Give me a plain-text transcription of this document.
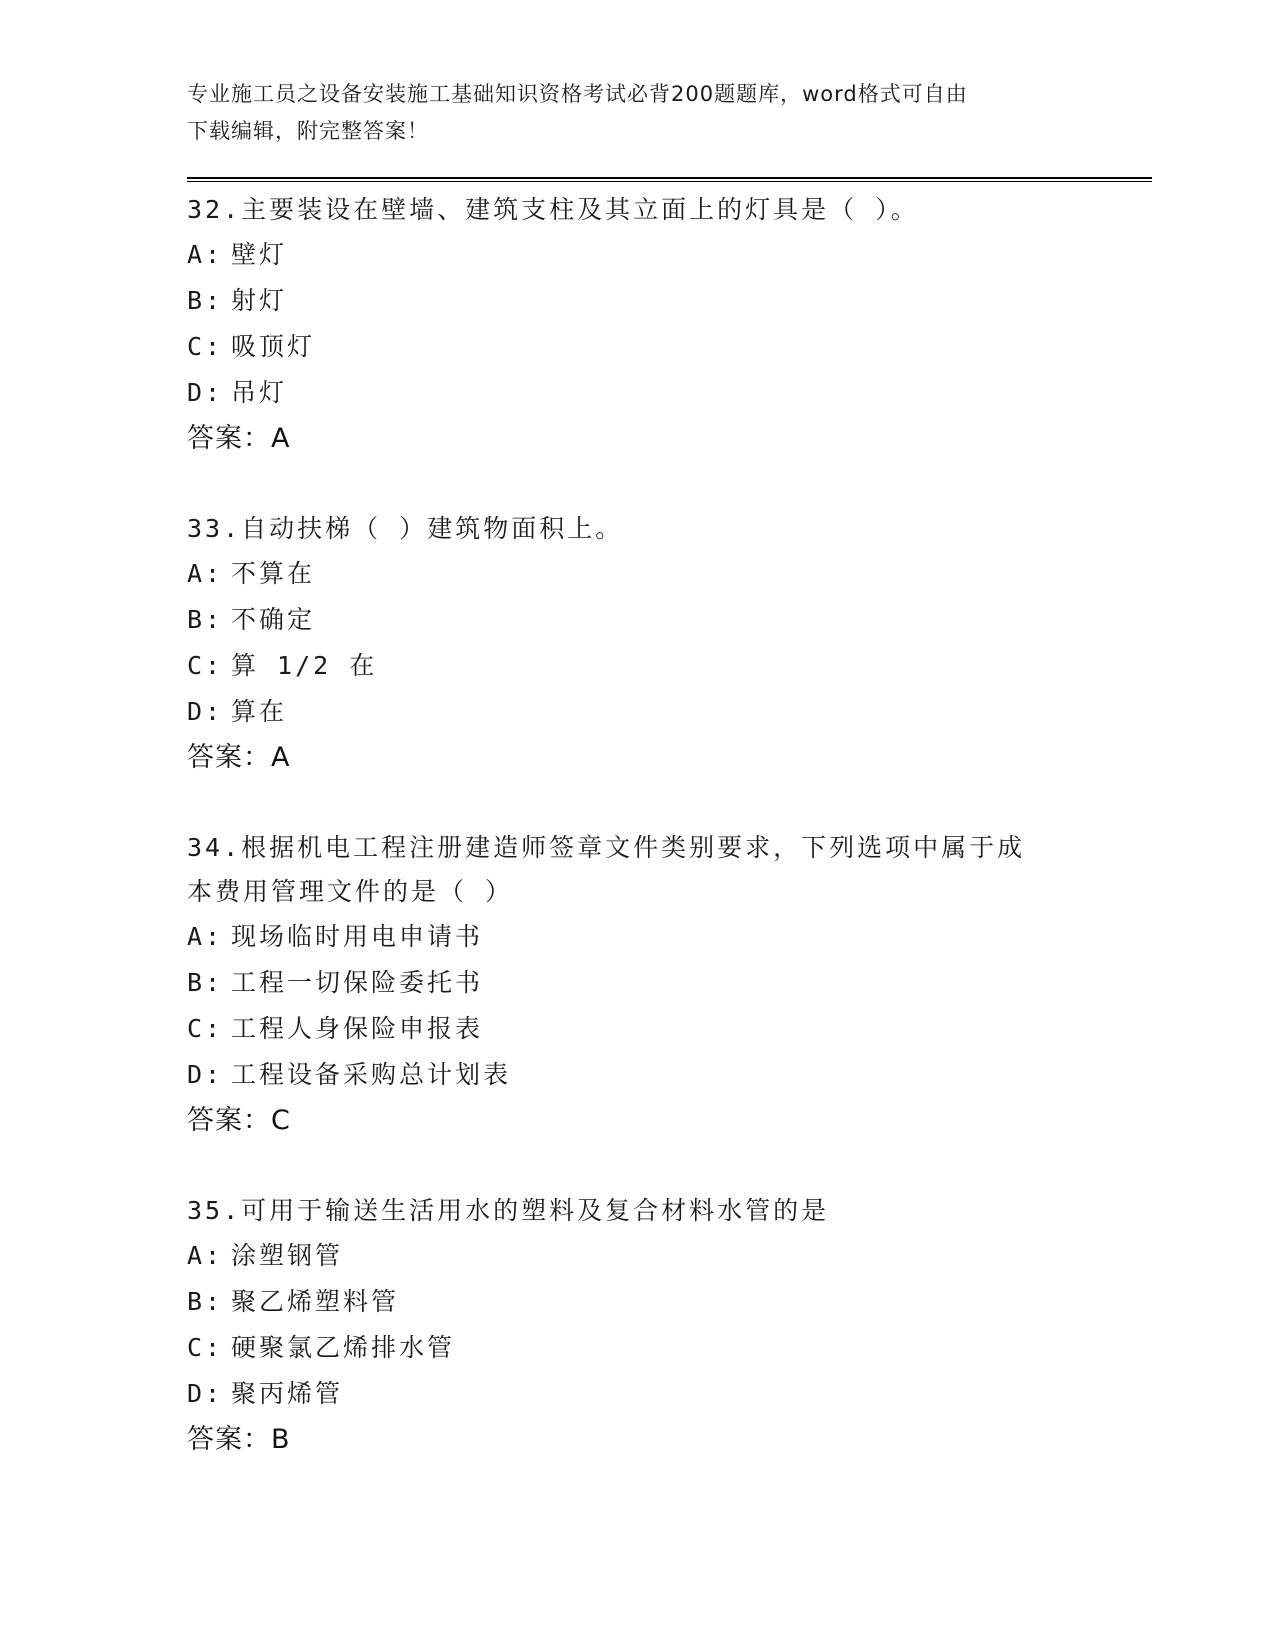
专业施工员之设备安装施工基础知识资格考试必背200题题库，word格式可自由
下载编辑，附完整答案！
32.主要装设在壁墙、建筑支柱及其立面上的灯具是（ ）。
A: 壁灯
B: 射灯
C: 吸顶灯
D: 吊灯
答案：A
33.自动扶梯（ ）建筑物面积上。
A: 不算在
B: 不确定
C: 算 1/2 在
D: 算在
答案：A
34.根据机电工程注册建造师签章文件类别要求，下列选项中属于成本费用管理文件的是（ ）
A: 现场临时用电申请书
B: 工程一切保险委托书
C: 工程人身保险申报表
D: 工程设备采购总计划表
答案：C
35.可用于输送生活用水的塑料及复合材料水管的是
A: 涂塑钢管
B: 聚乙烯塑料管
C: 硬聚氯乙烯排水管
D: 聚丙烯管
答案：B
